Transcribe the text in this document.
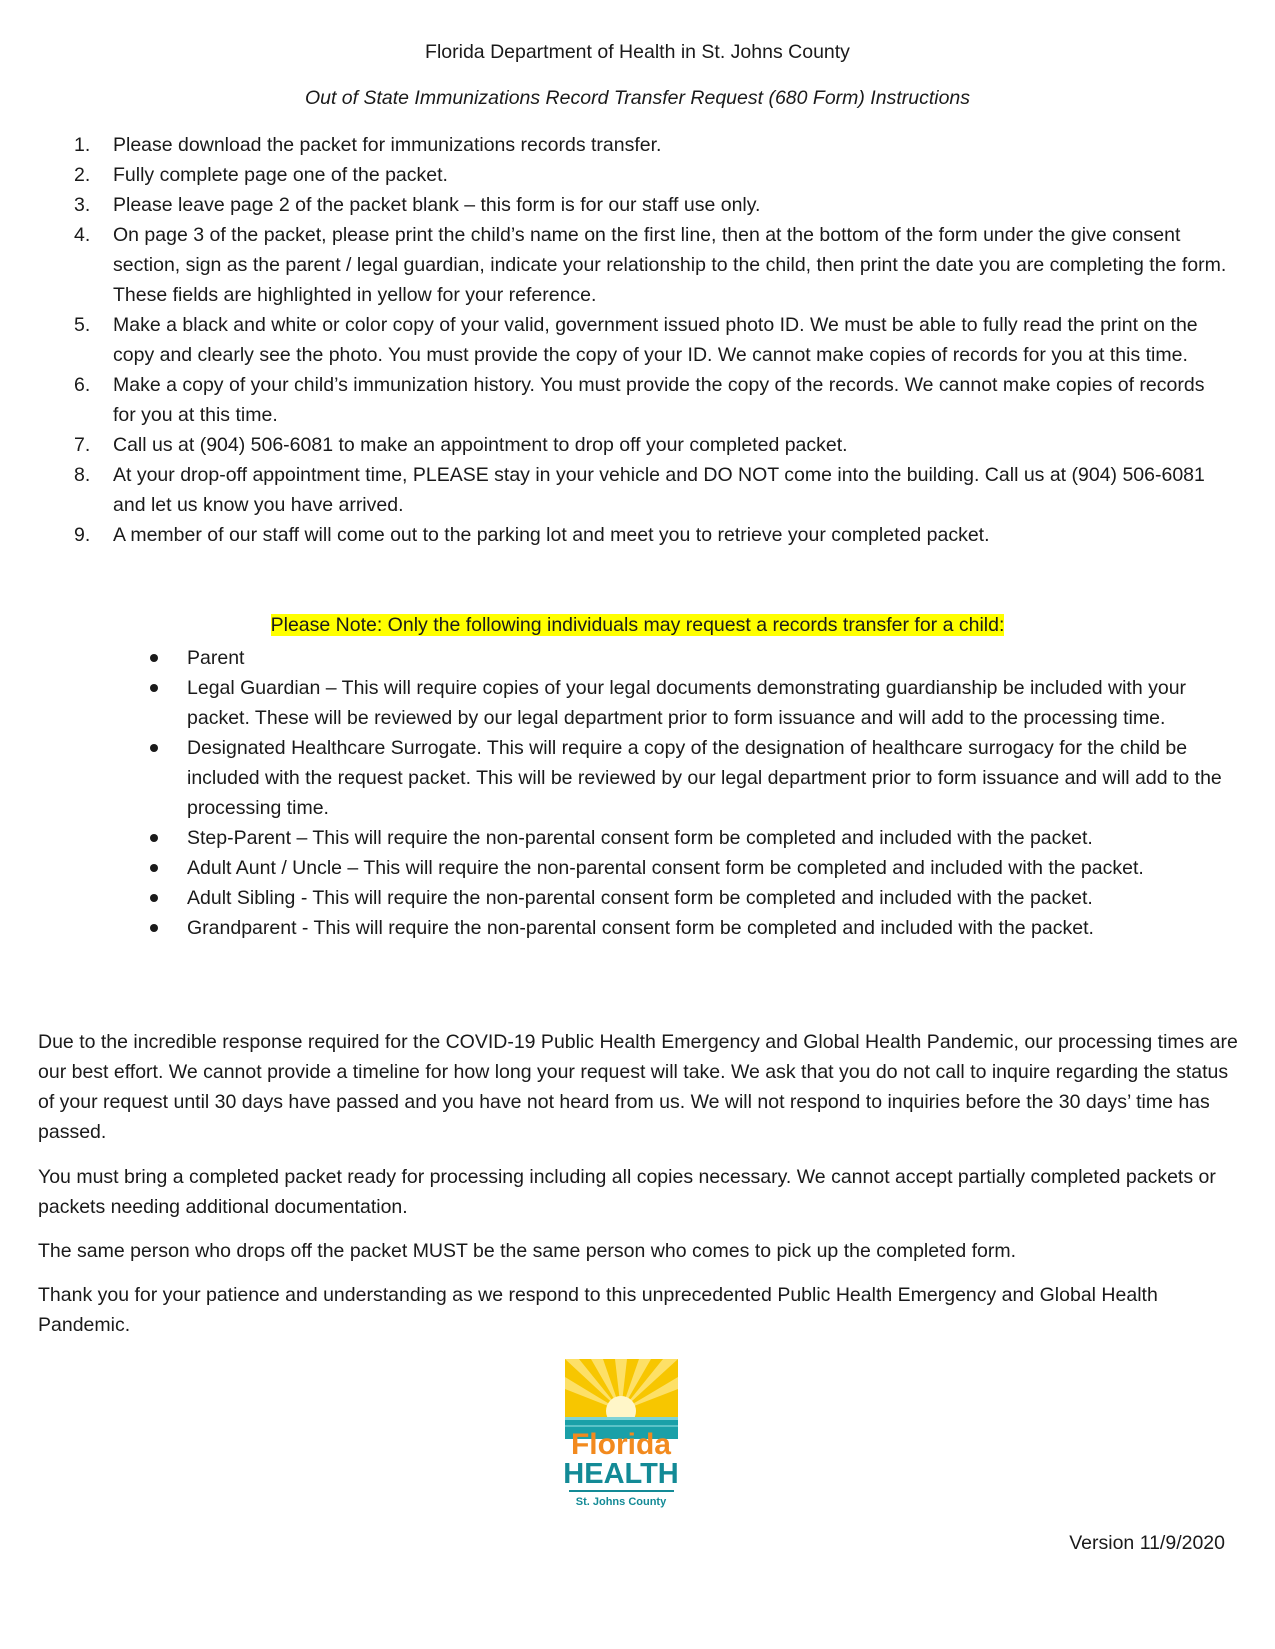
Florida Department of Health in St. Johns County
Out of State Immunizations Record Transfer Request (680 Form) Instructions
1. Please download the packet for immunizations records transfer.
2. Fully complete page one of the packet.
3. Please leave page 2 of the packet blank – this form is for our staff use only.
4. On page 3 of the packet, please print the child’s name on the first line, then at the bottom of the form under the give consent section, sign as the parent / legal guardian, indicate your relationship to the child, then print the date you are completing the form. These fields are highlighted in yellow for your reference.
5. Make a black and white or color copy of your valid, government issued photo ID. We must be able to fully read the print on the copy and clearly see the photo. You must provide the copy of your ID. We cannot make copies of records for you at this time.
6. Make a copy of your child’s immunization history. You must provide the copy of the records. We cannot make copies of records for you at this time.
7. Call us at (904) 506-6081 to make an appointment to drop off your completed packet.
8. At your drop-off appointment time, PLEASE stay in your vehicle and DO NOT come into the building. Call us at (904) 506-6081 and let us know you have arrived.
9. A member of our staff will come out to the parking lot and meet you to retrieve your completed packet.
Please Note: Only the following individuals may request a records transfer for a child:
Parent
Legal Guardian – This will require copies of your legal documents demonstrating guardianship be included with your packet. These will be reviewed by our legal department prior to form issuance and will add to the processing time.
Designated Healthcare Surrogate. This will require a copy of the designation of healthcare surrogacy for the child be included with the request packet. This will be reviewed by our legal department prior to form issuance and will add to the processing time.
Step-Parent – This will require the non-parental consent form be completed and included with the packet.
Adult Aunt / Uncle – This will require the non-parental consent form be completed and included with the packet.
Adult Sibling - This will require the non-parental consent form be completed and included with the packet.
Grandparent - This will require the non-parental consent form be completed and included with the packet.

Due to the incredible response required for the COVID-19 Public Health Emergency and Global Health Pandemic, our processing times are our best effort. We cannot provide a timeline for how long your request will take. We ask that you do not call to inquire regarding the status of your request until 30 days have passed and you have not heard from us. We will not respond to inquiries before the 30 days’ time has passed.

You must bring a completed packet ready for processing including all copies necessary. We cannot accept partially completed packets or packets needing additional documentation.

The same person who drops off the packet MUST be the same person who comes to pick up the completed form.

Thank you for your patience and understanding as we respond to this unprecedented Public Health Emergency and Global Health Pandemic.

Florida
HEALTH
St. Johns County
Version 11/9/2020
